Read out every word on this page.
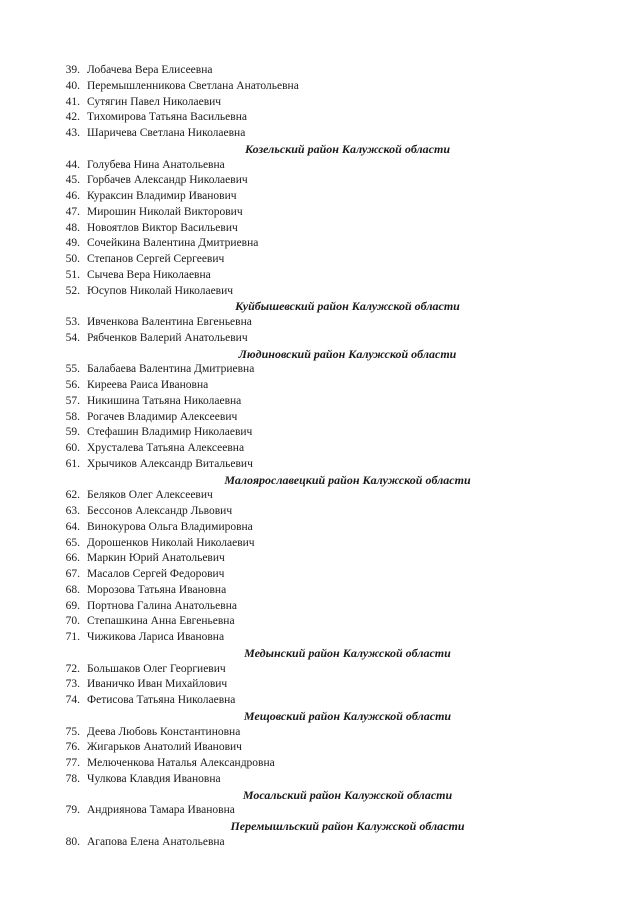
39. Лобачева Вера Елисеевна
40. Перемышленникова Светлана Анатольевна
41. Сутягин Павел Николаевич
42. Тихомирова Татьяна Васильевна
43. Шаричева Светлана Николаевна
Козельский район Калужской области
44. Голубева Нина Анатольевна
45. Горбачев Александр Николаевич
46. Кураксин Владимир Иванович
47. Мирошин Николай Викторович
48. Новоятлов Виктор Васильевич
49. Сочейкина Валентина Дмитриевна
50. Степанов Сергей Сергеевич
51. Сычева Вера Николаевна
52. Юсупов Николай Николаевич
Куйбышевский район Калужской области
53. Ивченкова Валентина Евгеньевна
54. Рябченков Валерий Анатольевич
Людиновский район Калужской области
55. Балабаева Валентина Дмитриевна
56. Киреева Раиса Ивановна
57. Никишина Татьяна Николаевна
58. Рогачев Владимир Алексеевич
59. Стефашин Владимир Николаевич
60. Хрусталева Татьяна Алексеевна
61. Хрычиков Александр Витальевич
Малоярославецкий район Калужской области
62. Беляков Олег Алексеевич
63. Бессонов Александр Львович
64. Винокурова Ольга Владимировна
65. Дорошенков Николай Николаевич
66. Маркин Юрий Анатольевич
67. Масалов Сергей Федорович
68. Морозова Татьяна Ивановна
69. Портнова Галина Анатольевна
70. Степашкина Анна Евгеньевна
71. Чижикова Лариса Ивановна
Медынский район Калужской области
72. Большаков Олег Георгиевич
73. Иваничко Иван Михайлович
74. Фетисова Татьяна Николаевна
Мещовский район Калужской области
75. Деева Любовь Константиновна
76. Жигарьков Анатолий Иванович
77. Мелюченкова Наталья Александровна
78. Чулкова Клавдия Ивановна
Мосальский район Калужской области
79. Андриянова Тамара Ивановна
Перемышльский район Калужской области
80. Агапова Елена Анатольевна
